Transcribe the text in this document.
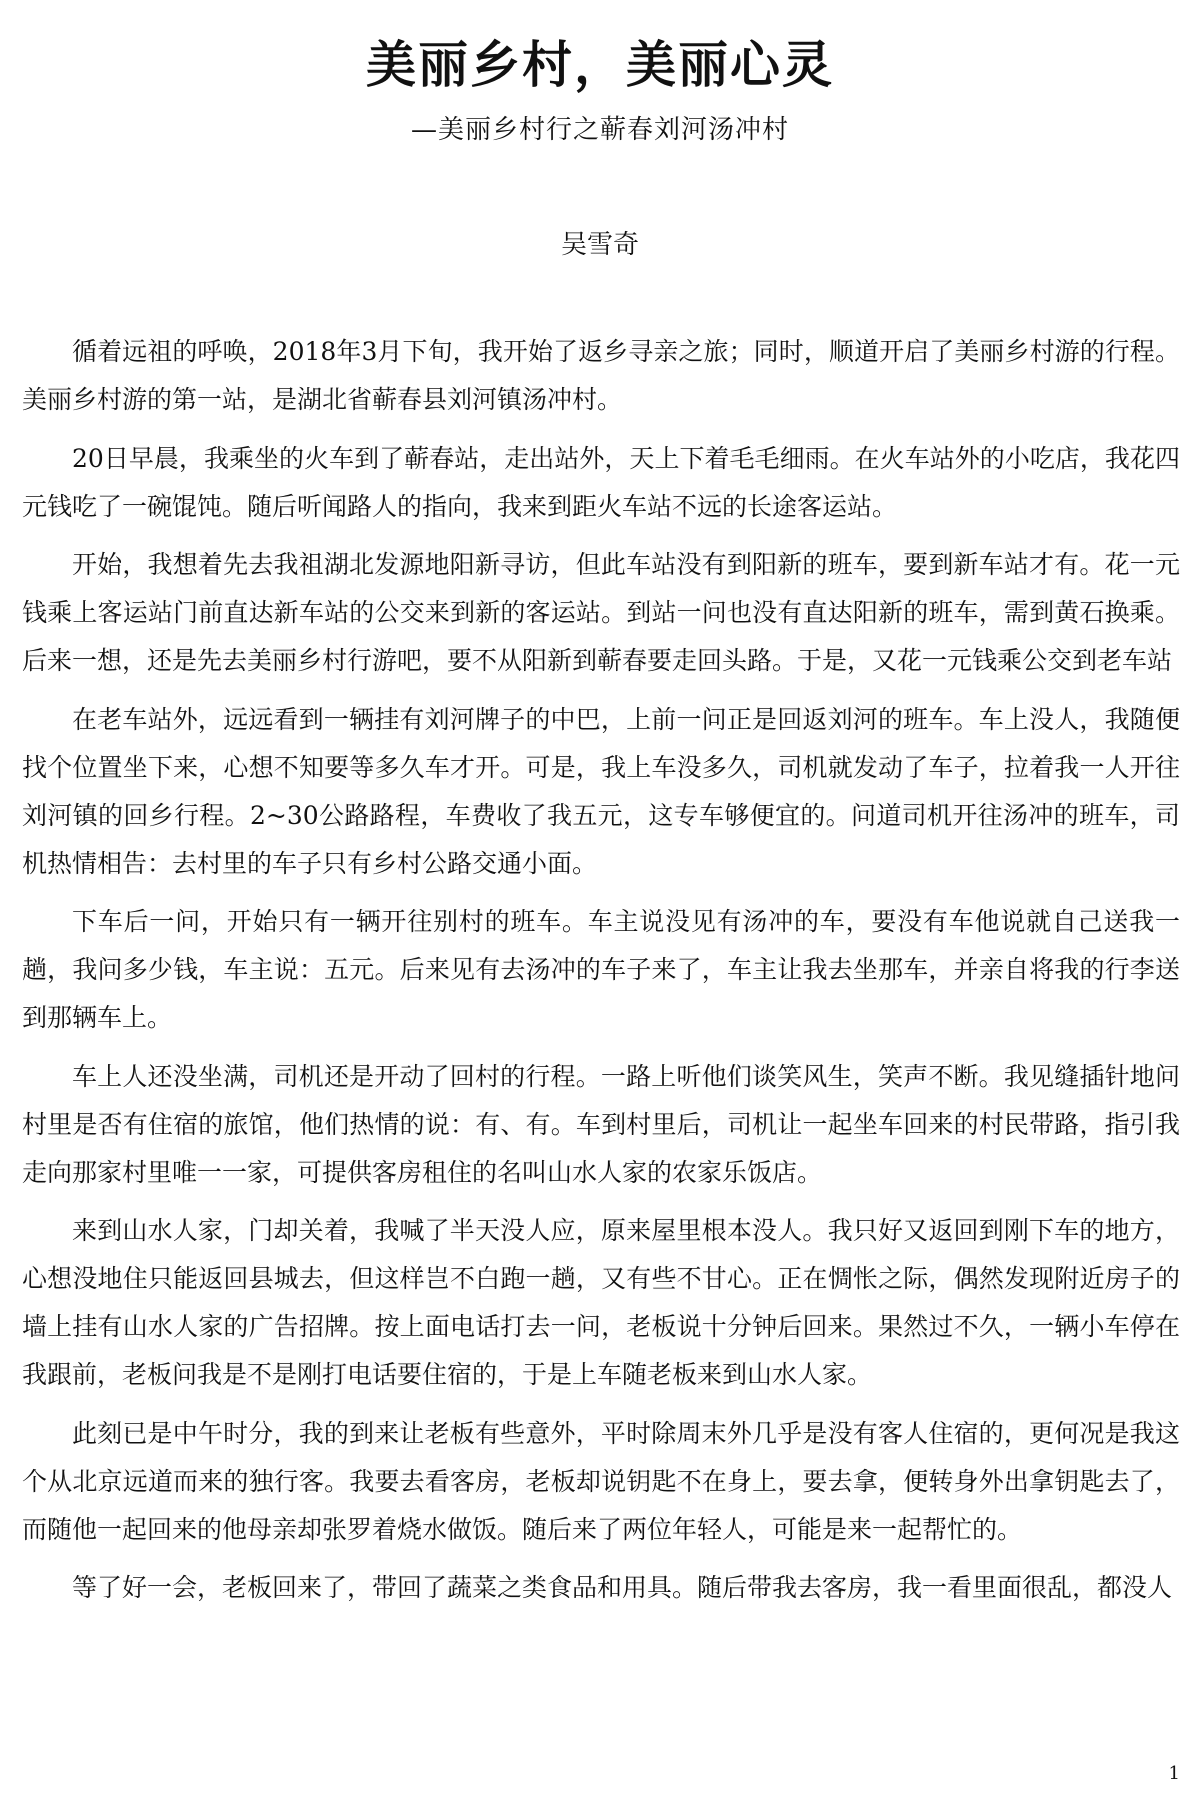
美丽乡村，美丽心灵
—美丽乡村行之蕲春刘河汤冲村
吴雪奇

循着远祖的呼唤，2018年3月下旬，我开始了返乡寻亲之旅；同时，顺道开启了美丽乡村游的行程。美丽乡村游的第一站，是湖北省蕲春县刘河镇汤冲村。

20日早晨，我乘坐的火车到了蕲春站，走出站外，天上下着毛毛细雨。在火车站外的小吃店，我花四元钱吃了一碗馄饨。随后听闻路人的指向，我来到距火车站不远的长途客运站。

开始，我想着先去我祖湖北发源地阳新寻访，但此车站没有到阳新的班车，要到新车站才有。花一元钱乘上客运站门前直达新车站的公交来到新的客运站。到站一问也没有直达阳新的班车，需到黄石换乘。后来一想，还是先去美丽乡村行游吧，要不从阳新到蕲春要走回头路。于是，又花一元钱乘公交到老车站

在老车站外，远远看到一辆挂有刘河牌子的中巴，上前一问正是回返刘河的班车。车上没人，我随便找个位置坐下来，心想不知要等多久车才开。可是，我上车没多久，司机就发动了车子，拉着我一人开往刘河镇的回乡行程。2~30公路路程，车费收了我五元，这专车够便宜的。问道司机开往汤冲的班车，司机热情相告：去村里的车子只有乡村公路交通小面。

下车后一问，开始只有一辆开往别村的班车。车主说没见有汤冲的车，要没有车他说就自己送我一趟，我问多少钱，车主说：五元。后来见有去汤冲的车子来了，车主让我去坐那车，并亲自将我的行李送到那辆车上。

车上人还没坐满，司机还是开动了回村的行程。一路上听他们谈笑风生，笑声不断。我见缝插针地问村里是否有住宿的旅馆，他们热情的说：有、有。车到村里后，司机让一起坐车回来的村民带路，指引我走向那家村里唯一一家，可提供客房租住的名叫山水人家的农家乐饭店。

来到山水人家，门却关着，我喊了半天没人应，原来屋里根本没人。我只好又返回到刚下车的地方，心想没地住只能返回县城去，但这样岂不白跑一趟，又有些不甘心。正在惆怅之际，偶然发现附近房子的墙上挂有山水人家的广告招牌。按上面电话打去一问，老板说十分钟后回来。果然过不久，一辆小车停在我跟前，老板问我是不是刚打电话要住宿的，于是上车随老板来到山水人家。

此刻已是中午时分，我的到来让老板有些意外，平时除周末外几乎是没有客人住宿的，更何况是我这个从北京远道而来的独行客。我要去看客房，老板却说钥匙不在身上，要去拿，便转身外出拿钥匙去了，而随他一起回来的他母亲却张罗着烧水做饭。随后来了两位年轻人，可能是来一起帮忙的。

等了好一会，老板回来了，带回了蔬菜之类食品和用具。随后带我去客房，我一看里面很乱，都没人

1
